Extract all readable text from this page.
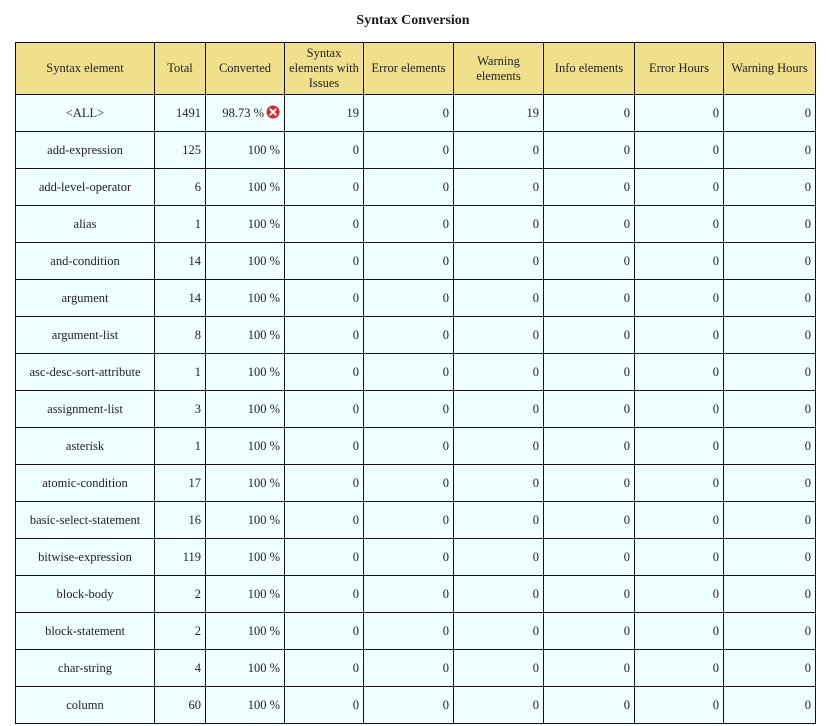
Syntax Conversion
Syntax element	Total	Converted	Syntax elements with Issues	Error elements	Warning elements	Info elements	Error Hours	Warning Hours
<ALL>	1491	98.73 %	19	0	19	0	0	0
add-expression	125	100 %	0	0	0	0	0	0
add-level-operator	6	100 %	0	0	0	0	0	0
alias	1	100 %	0	0	0	0	0	0
and-condition	14	100 %	0	0	0	0	0	0
argument	14	100 %	0	0	0	0	0	0
argument-list	8	100 %	0	0	0	0	0	0
asc-desc-sort-attribute	1	100 %	0	0	0	0	0	0
assignment-list	3	100 %	0	0	0	0	0	0
asterisk	1	100 %	0	0	0	0	0	0
atomic-condition	17	100 %	0	0	0	0	0	0
basic-select-statement	16	100 %	0	0	0	0	0	0
bitwise-expression	119	100 %	0	0	0	0	0	0
block-body	2	100 %	0	0	0	0	0	0
block-statement	2	100 %	0	0	0	0	0	0
char-string	4	100 %	0	0	0	0	0	0
column	60	100 %	0	0	0	0	0	0
